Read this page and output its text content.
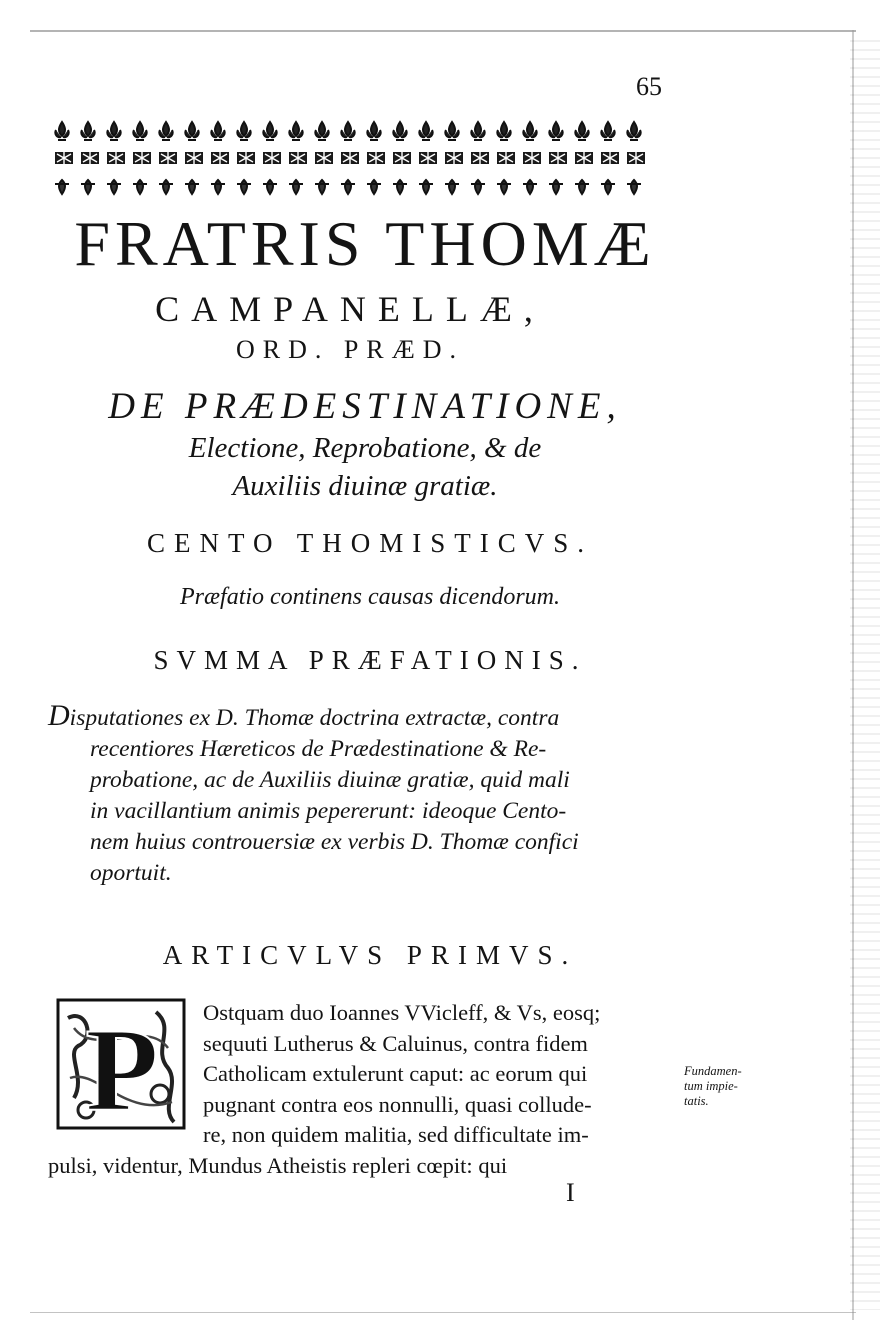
65
FRATRIS THOMÆ
CAMPANELLÆ,
ORD. PRÆD.
DE PRÆDESTINATIONE,
Electione, Reprobatione, & de
Auxiliis diuinæ gratiæ.
CENTO THOMISTICVS.
Præfatio continens causas dicendorum.
SVMMA PRÆFATIONIS.
Disputationes ex D. Thomæ doctrina extractæ, contra
recentiores Hæreticos de Prædestinatione & Re-
probatione, ac de Auxiliis diuinæ gratiæ, quid mali
in vacillantium animis pepererunt: ideoque Cento-
nem huius controuersiæ ex verbis D. Thomæ confici
oportuit.
ARTICVLVS PRIMVS.
P Ostquam duo Ioannes VVicleff, & Vs, eosq;
sequuti Lutherus & Caluinus, contra fidem
Catholicam extulerunt caput: ac eorum qui
pugnant contra eos nonnulli, quasi collude-
re, non quidem malitia, sed difficultate im-
pulsi, videntur, Mundus Atheistis repleri cœpit: qui
Fundamen-
tum impie-
tatis.
I
